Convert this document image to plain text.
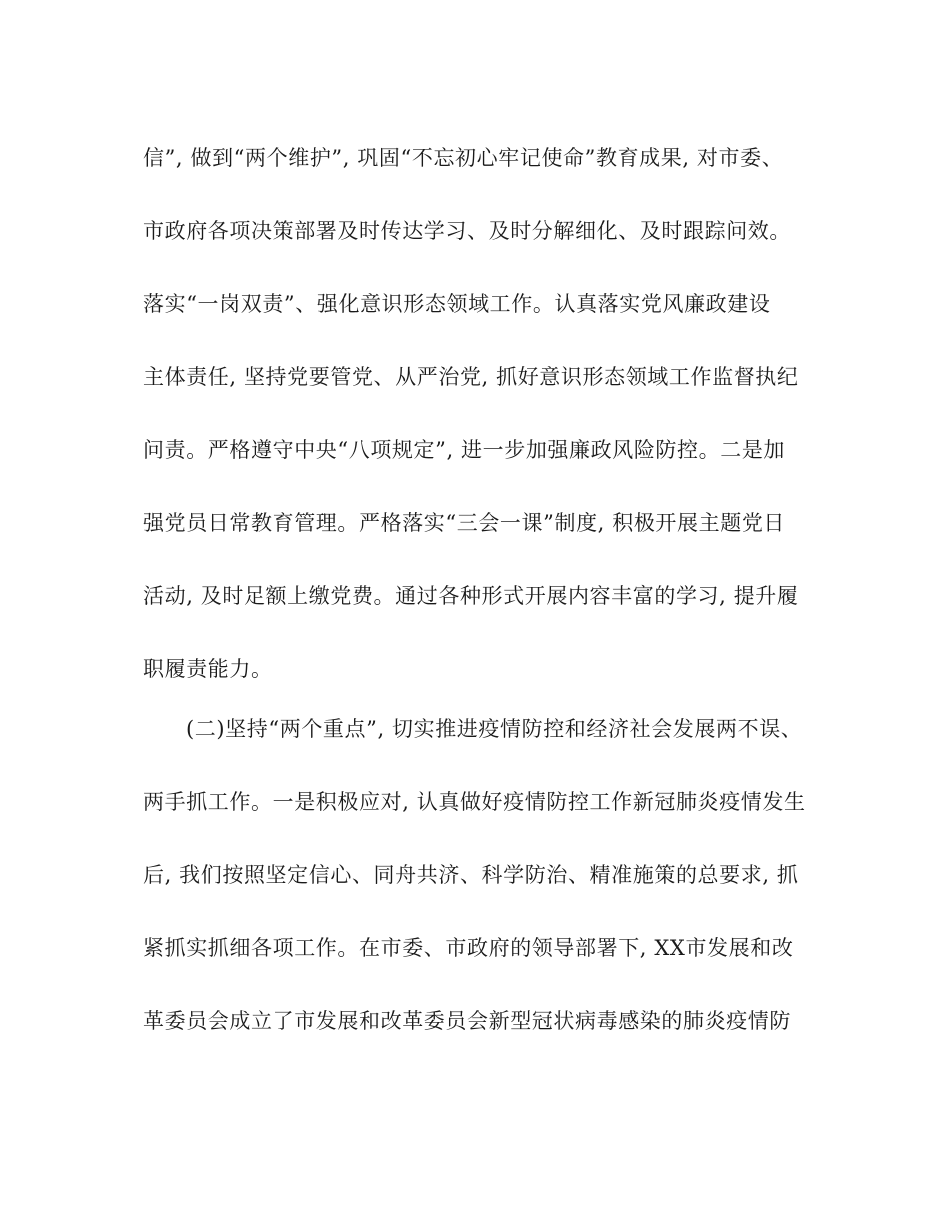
信”, 做到“两个维护”, 巩固“不忘初心牢记使命”教育成果, 对市委、
市政府各项决策部署及时传达学习、及时分解细化、及时跟踪问效。
落实“一岗双责”、强化意识形态领域工作。认真落实党风廉政建设
主体责任, 坚持党要管党、从严治党, 抓好意识形态领域工作监督执纪
问责。严格遵守中央“八项规定”, 进一步加强廉政风险防控。二是加
强党员日常教育管理。严格落实“三会一课”制度, 积极开展主题党日
活动, 及时足额上缴党费。通过各种形式开展内容丰富的学习, 提升履
职履责能力。
(二)坚持“两个重点”, 切实推进疫情防控和经济社会发展两不误、
两手抓工作。一是积极应对, 认真做好疫情防控工作新冠肺炎疫情发生
后, 我们按照坚定信心、同舟共济、科学防治、精准施策的总要求, 抓
紧抓实抓细各项工作。在市委、市政府的领导部署下, XX市发展和改
革委员会成立了市发展和改革委员会新型冠状病毒感染的肺炎疫情防
